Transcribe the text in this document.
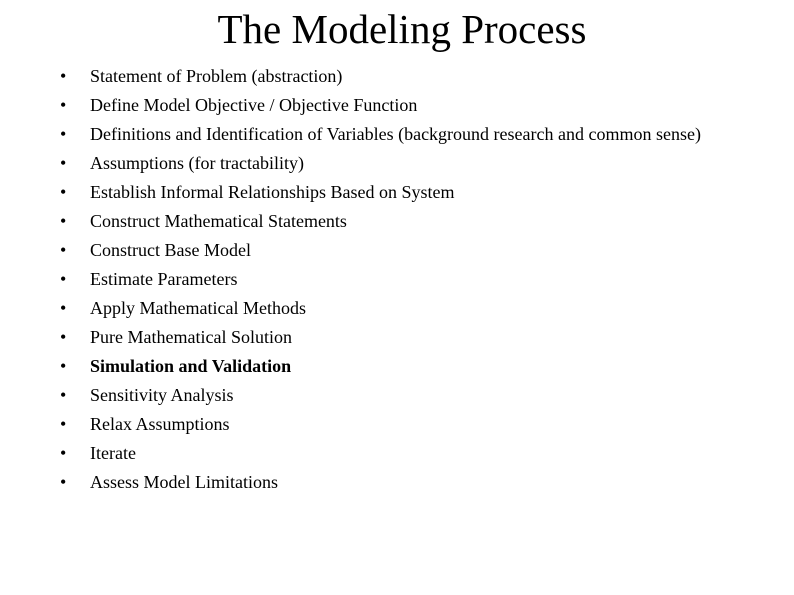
The Modeling Process
•	Statement of Problem (abstraction)
•	Define Model Objective / Objective Function
•	Definitions and Identification of Variables (background research and common sense)
•	Assumptions (for tractability)
•	Establish Informal Relationships Based on System
•	Construct Mathematical Statements
•	Construct Base Model
•	Estimate Parameters
•	Apply Mathematical Methods
•	Pure Mathematical Solution
•	Simulation and Validation
•	Sensitivity Analysis
•	Relax Assumptions
•	Iterate
•	Assess Model Limitations
